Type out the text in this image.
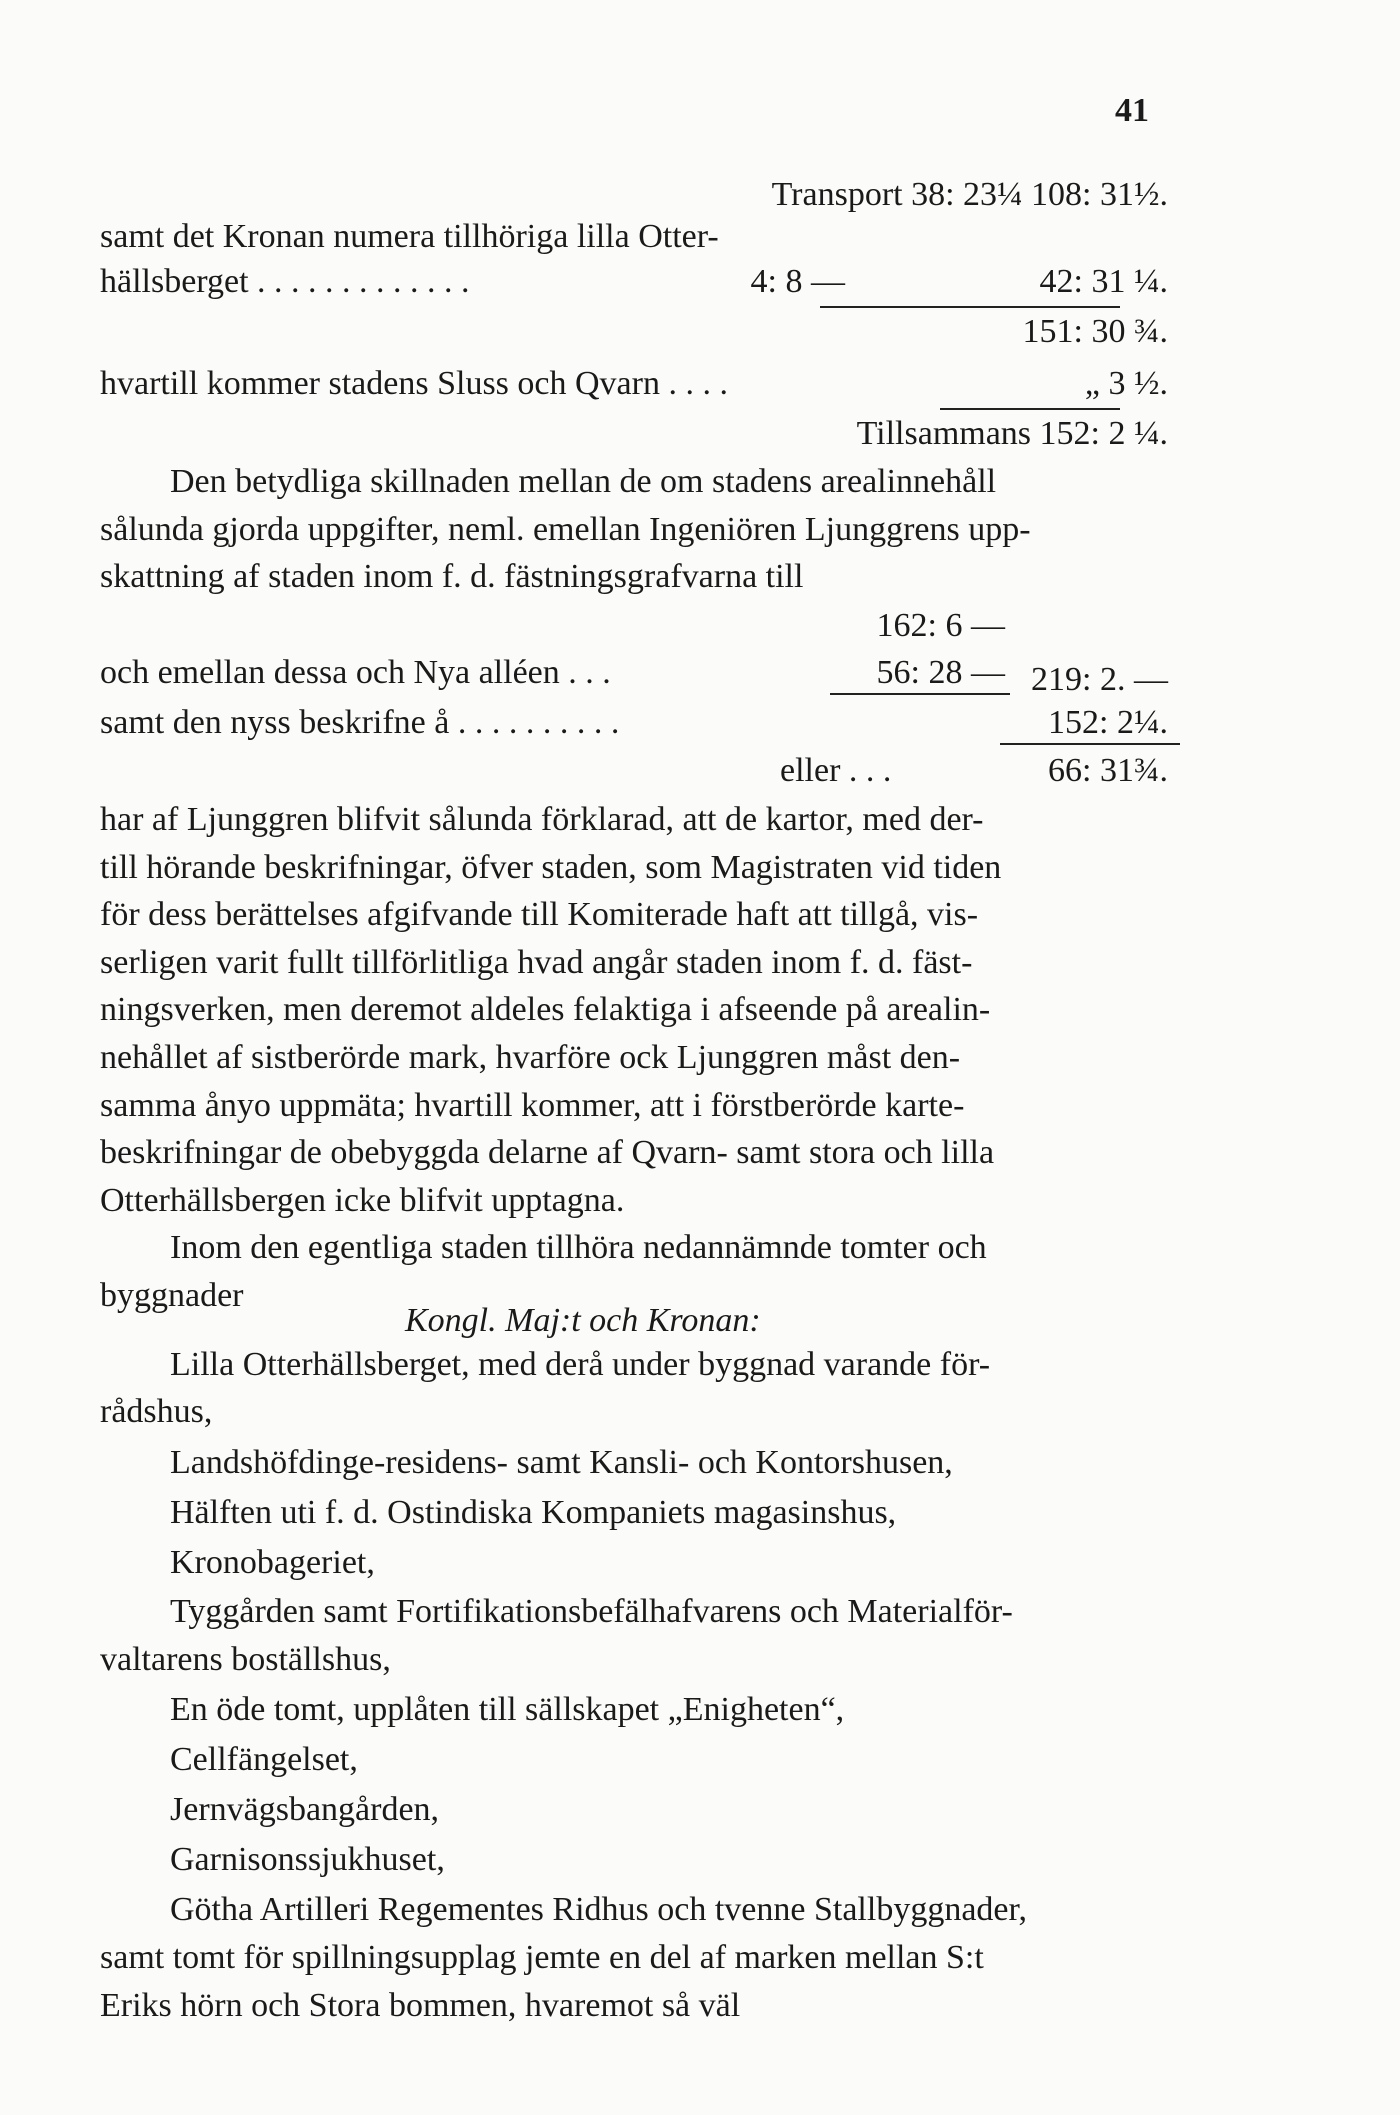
41
Transport 38: 23¼ 108: 31½.
samt det Kronan numera tillhöriga lilla Otter-
hällsberget . . . . . . . . . . . . .	4: 8 —	42: 31 ¼.
151: 30 ¾.
hvartill kommer stadens Sluss och Qvarn . . . .	„ 3 ½.
Tillsammans 152: 2 ¼.
Den betydliga skillnaden mellan de om stadens arealinnehåll
sålunda gjorda uppgifter, neml. emellan Ingeniören Ljunggrens upp-
skattning af staden inom f. d. fästningsgrafvarna till
162: 6 —
och emellan dessa och Nya alléen . . .	56: 28 — 219: 2. —
samt den nyss beskrifne å . . . . . . . . . .	152: 2¼.
eller . . .	66: 31¾.
har af Ljunggren blifvit sålunda förklarad, att de kartor, med der-
till hörande beskrifningar, öfver staden, som Magistraten vid tiden
för dess berättelses afgifvande till Komiterade haft att tillgå, vis-
serligen varit fullt tillförlitliga hvad angår staden inom f. d. fäst-
ningsverken, men deremot aldeles felaktiga i afseende på arealin-
nehållet af sistberörde mark, hvarföre ock Ljunggren måst den-
samma ånyo uppmäta; hvartill kommer, att i förstberörde karte-
beskrifningar de obebyggda delarne af Qvarn- samt stora och lilla
Otterhällsbergen icke blifvit upptagna.
Inom den egentliga staden tillhöra nedannämnde tomter och
byggnader
Kongl. Maj:t och Kronan:
Lilla Otterhällsberget, med derå under byggnad varande för-
rådshus,
Landshöfdinge-residens- samt Kansli- och Kontorshusen,
Hälften uti f. d. Ostindiska Kompaniets magasinshus,
Kronobageriet,
Tyggården samt Fortifikationsbefälhafvarens och Materialför-
valtarens boställshus,
En öde tomt, upplåten till sällskapet „Enigheten“,
Cellfängelset,
Jernvägsbangården,
Garnisonssjukhuset,
Götha Artilleri Regementes Ridhus och tvenne Stallbyggnader,
samt tomt för spillningsupplag jemte en del af marken mellan S:t
Eriks hörn och Stora bommen, hvaremot så väl
